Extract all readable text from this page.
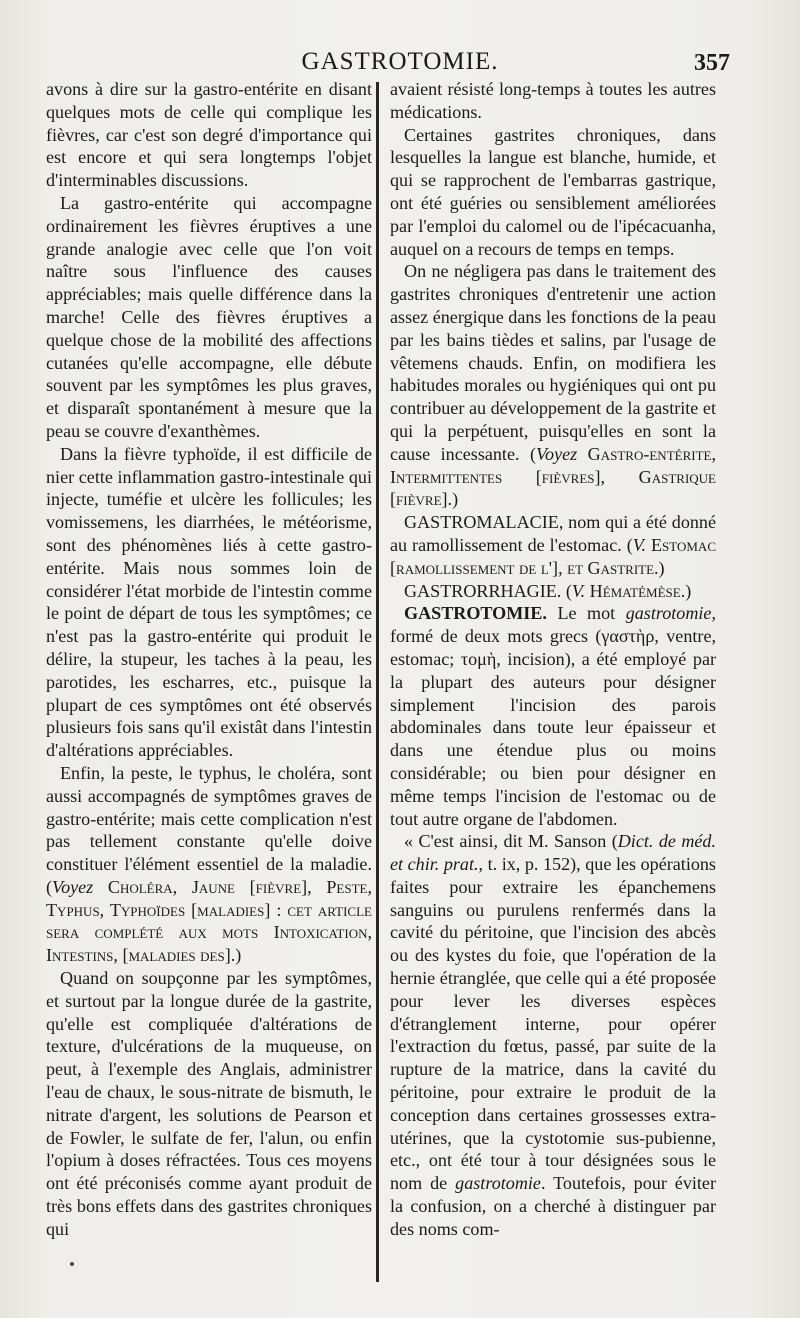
GASTROTOMIE.	357

avons à dire sur la gastro-entérite en disant quelques mots de celle qui complique les fièvres, car c'est son degré d'importance qui est encore et qui sera longtemps l'objet d'interminables discussions.

La gastro-entérite qui accompagne ordinairement les fièvres éruptives a une grande analogie avec celle que l'on voit naître sous l'influence des causes appréciables; mais quelle différence dans la marche! Celle des fièvres éruptives a quelque chose de la mobilité des affections cutanées qu'elle accompagne, elle débute souvent par les symptômes les plus graves, et disparaît spontanément à mesure que la peau se couvre d'exanthèmes.

Dans la fièvre typhoïde, il est difficile de nier cette inflammation gastro-intestinale qui injecte, tuméfie et ulcère les follicules; les vomissemens, les diarrhées, le météorisme, sont des phénomènes liés à cette gastro-entérite. Mais nous sommes loin de considérer l'état morbide de l'intestin comme le point de départ de tous les symptômes; ce n'est pas la gastro-entérite qui produit le délire, la stupeur, les taches à la peau, les parotides, les escharres, etc., puisque la plupart de ces symptômes ont été observés plusieurs fois sans qu'il existât dans l'intestin d'altérations appréciables.

Enfin, la peste, le typhus, le choléra, sont aussi accompagnés de symptômes graves de gastro-entérite; mais cette complication n'est pas tellement constante qu'elle doive constituer l'élément essentiel de la maladie. (Voyez Choléra, Jaune [fièvre], Peste, Typhus, Typhoïdes [maladies] : cet article sera complété aux mots Intoxication, Intestins, [maladies des].)

Quand on soupçonne par les symptômes, et surtout par la longue durée de la gastrite, qu'elle est compliquée d'altérations de texture, d'ulcérations de la muqueuse, on peut, à l'exemple des Anglais, administrer l'eau de chaux, le sous-nitrate de bismuth, le nitrate d'argent, les solutions de Pearson et de Fowler, le sulfate de fer, l'alun, ou enfin l'opium à doses réfractées. Tous ces moyens ont été préconisés comme ayant produit de très bons effets dans des gastrites chroniques qui

avaient résisté long-temps à toutes les autres médications.

Certaines gastrites chroniques, dans lesquelles la langue est blanche, humide, et qui se rapprochent de l'embarras gastrique, ont été guéries ou sensiblement améliorées par l'emploi du calomel ou de l'ipécacuanha, auquel on a recours de temps en temps.

On ne négligera pas dans le traitement des gastrites chroniques d'entretenir une action assez énergique dans les fonctions de la peau par les bains tièdes et salins, par l'usage de vêtemens chauds. Enfin, on modifiera les habitudes morales ou hygiéniques qui ont pu contribuer au développement de la gastrite et qui la perpétuent, puisqu'elles en sont la cause incessante. (Voyez Gastro-entérite, Intermittentes [fièvres], Gastrique [fièvre].)

GASTROMALACIE, nom qui a été donné au ramollissement de l'estomac. (V. Estomac [ramollissement de l'], et Gastrite.)

GASTRORRHAGIE. (V. Hématémèse.)

GASTROTOMIE. Le mot gastrotomie, formé de deux mots grecs (γαστὴρ, ventre, estomac; τομὴ, incision), a été employé par la plupart des auteurs pour désigner simplement l'incision des parois abdominales dans toute leur épaisseur et dans une étendue plus ou moins considérable; ou bien pour désigner en même temps l'incision de l'estomac ou de tout autre organe de l'abdomen.

« C'est ainsi, dit M. Sanson (Dict. de méd. et chir. prat., t. ix, p. 152), que les opérations faites pour extraire les épanchemens sanguins ou purulens renfermés dans la cavité du péritoine, que l'incision des abcès ou des kystes du foie, que l'opération de la hernie étranglée, que celle qui a été proposée pour lever les diverses espèces d'étranglement interne, pour opérer l'extraction du fœtus, passé, par suite de la rupture de la matrice, dans la cavité du péritoine, pour extraire le produit de la conception dans certaines grossesses extra-utérines, que la cystotomie sus-pubienne, etc., ont été tour à tour désignées sous le nom de gastrotomie. Toutefois, pour éviter la confusion, on a cherché à distinguer par des noms com-
